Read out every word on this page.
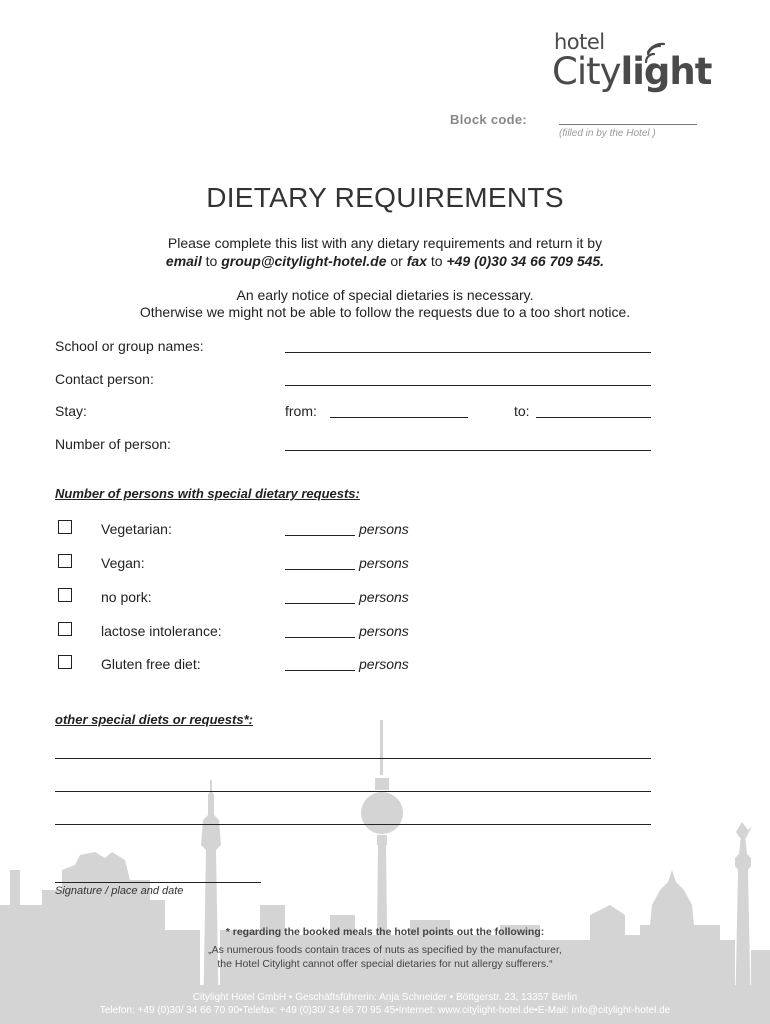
hotel
Citylight
Block code:
(filled in by the Hotel )
DIETARY REQUIREMENTS
Please complete this list with any dietary requirements and return it by
email to group@citylight-hotel.de or fax to +49 (0)30 34 66 709 545.
An early notice of special dietaries is necessary.
Otherwise we might not be able to follow the requests due to a too short notice.
School or group names:
Contact person:
Stay:	from:	to:
Number of person:
Number of persons with special dietary requests:
Vegetarian:	persons
Vegan:	persons
no pork:	persons
lactose intolerance:	persons
Gluten free diet:	persons
other special diets or requests*:
Signature / place and date
* regarding the booked meals the hotel points out the following:
„As numerous foods contain traces of nuts as specified by the manufacturer,
the Hotel Citylight cannot offer special dietaries for nut allergy sufferers.“
Citylight Hotel GmbH • Geschäftsführerin: Anja Schneider • Böttgerstr. 23, 13357 Berlin
Telefon: +49 (0)30/ 34 66 70 90•Telefax: +49 (0)30/ 34 66 70 95 45•Internet: www.citylight-hotel.de•E-Mail: info@citylight-hotel.de
